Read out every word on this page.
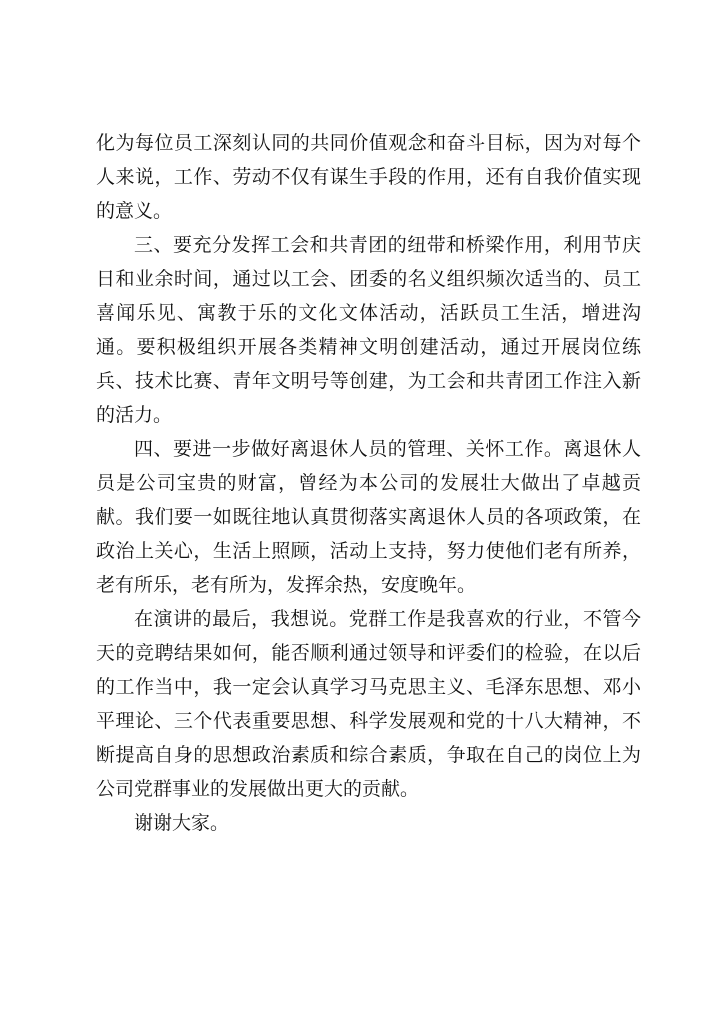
化为每位员工深刻认同的共同价值观念和奋斗目标，因为对每个人来说，工作、劳动不仅有谋生手段的作用，还有自我价值实现的意义。

三、要充分发挥工会和共青团的纽带和桥梁作用，利用节庆日和业余时间，通过以工会、团委的名义组织频次适当的、员工喜闻乐见、寓教于乐的文化文体活动，活跃员工生活，增进沟通。要积极组织开展各类精神文明创建活动，通过开展岗位练兵、技术比赛、青年文明号等创建，为工会和共青团工作注入新的活力。

四、要进一步做好离退休人员的管理、关怀工作。离退休人员是公司宝贵的财富，曾经为本公司的发展壮大做出了卓越贡献。我们要一如既往地认真贯彻落实离退休人员的各项政策，在政治上关心，生活上照顾，活动上支持，努力使他们老有所养，老有所乐，老有所为，发挥余热，安度晚年。

在演讲的最后，我想说。党群工作是我喜欢的行业，不管今天的竞聘结果如何，能否顺利通过领导和评委们的检验，在以后的工作当中，我一定会认真学习马克思主义、毛泽东思想、邓小平理论、三个代表重要思想、科学发展观和党的十八大精神，不断提高自身的思想政治素质和综合素质，争取在自己的岗位上为公司党群事业的发展做出更大的贡献。

谢谢大家。
